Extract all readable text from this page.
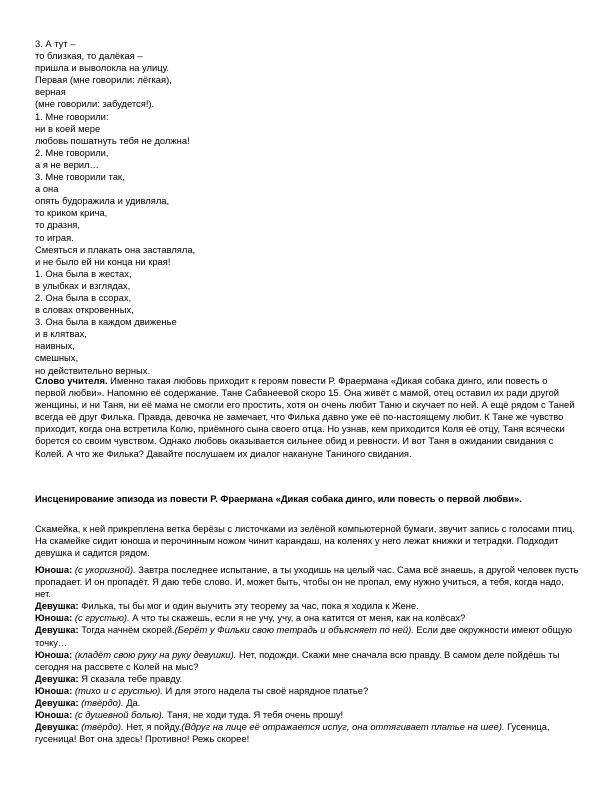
3. А тут –
то близкая, то далёкая –
пришла и выволокла на улицу.
Первая (мне говорили: лёгкая),
верная
(мне говорили: забудется!).
1. Мне говорили:
ни в коей мере
любовь пошатнуть тебя не должна!
2. Мне говорили,
а я не верил…
3. Мне говорили так,
а она
опять будоражила и удивляла,
то криком крича,
то дразня,
то играя.
Смеяться и плакать она заставляла,
и не было ей ни конца ни края!
1. Она была в жестах,
в улыбках и взглядах,
2. Она была в ссорах,
в словах откровенных,
3. Она была в каждом движенье
и в клятвах,
наивных,
смешных,
но действительно верных.
Слово учителя. Именно такая любовь приходит к героям повести Р. Фраермана «Дикая собака динго, или повесть о первой любви». Напомню её содержание. Тане Сабанеевой скоро 15. Она живёт с мамой, отец оставил их ради другой женщины, и ни Таня, ни её мама не смогли его простить, хотя он очень любит Таню и скучает по ней. А ещё рядом с Таней всегда её друг Филька. Правда, девочка не замечает, что Филька давно уже её по-настоящему любит. К Тане же чувство приходит, когда она встретила Колю, приёмного сына своего отца. Но узнав, кем приходится Коля её отцу, Таня всячески борется со своим чувством. Однако любовь оказывается сильнее обид и ревности. И вот Таня в ожидании свидания с Колей. А что же Филька? Давайте послушаем их диалог накануне Таниного свидания.
Инсценирование эпизода из повести Р. Фраермана «Дикая собака динго, или повесть о первой любви».
Скамейка, к ней прикреплена ветка берёзы с листочками из зелёной компьютерной бумаги, звучит запись с голосами птиц. На скамейке сидит юноша и перочинным ножом чинит карандаш, на коленях у него лежат книжки и тетрадки. Подходит девушка и садится рядом.
Юноша: (с укоризной). Завтра последнее испытание, а ты уходишь на целый час. Сама всё знаешь, а другой человек пусть пропадает. И он пропадёт. Я даю тебе слово. И, может быть, чтобы он не пропал, ему нужно учиться, а тебя, когда надо, нет.
Девушка: Филька, ты бы мог и один выучить эту теорему за час, пока я ходила к Жене.
Юноша: (с грустью). А что ты скажешь, если я не учу, учу, а она катится от меня, как на колёсах?
Девушка: Тогда начнём скорей.(Берёт у Фильки свою тетрадь и объясняет по ней). Если две окружности имеют общую точку…
Юноша: (кладёт свою руку на руку девушки). Нет, подожди. Скажи мне сначала всю правду. В самом деле пойдёшь ты сегодня на рассвете с Колей на мыс?
Девушка: Я сказала тебе правду.
Юноша: (тихо и с грустью). И для этого надела ты своё нарядное платье?
Девушка: (твёрдо). Да.
Юноша: (с душевной болью). Таня, не ходи туда. Я тебя очень прошу!
Девушка: (твёрдо). Нет, я пойду.(Вдруг на лице её отражается испуг, она оттягивает платье на шее). Гусеница, гусеница! Вот она здесь! Противно! Режь скорее!
